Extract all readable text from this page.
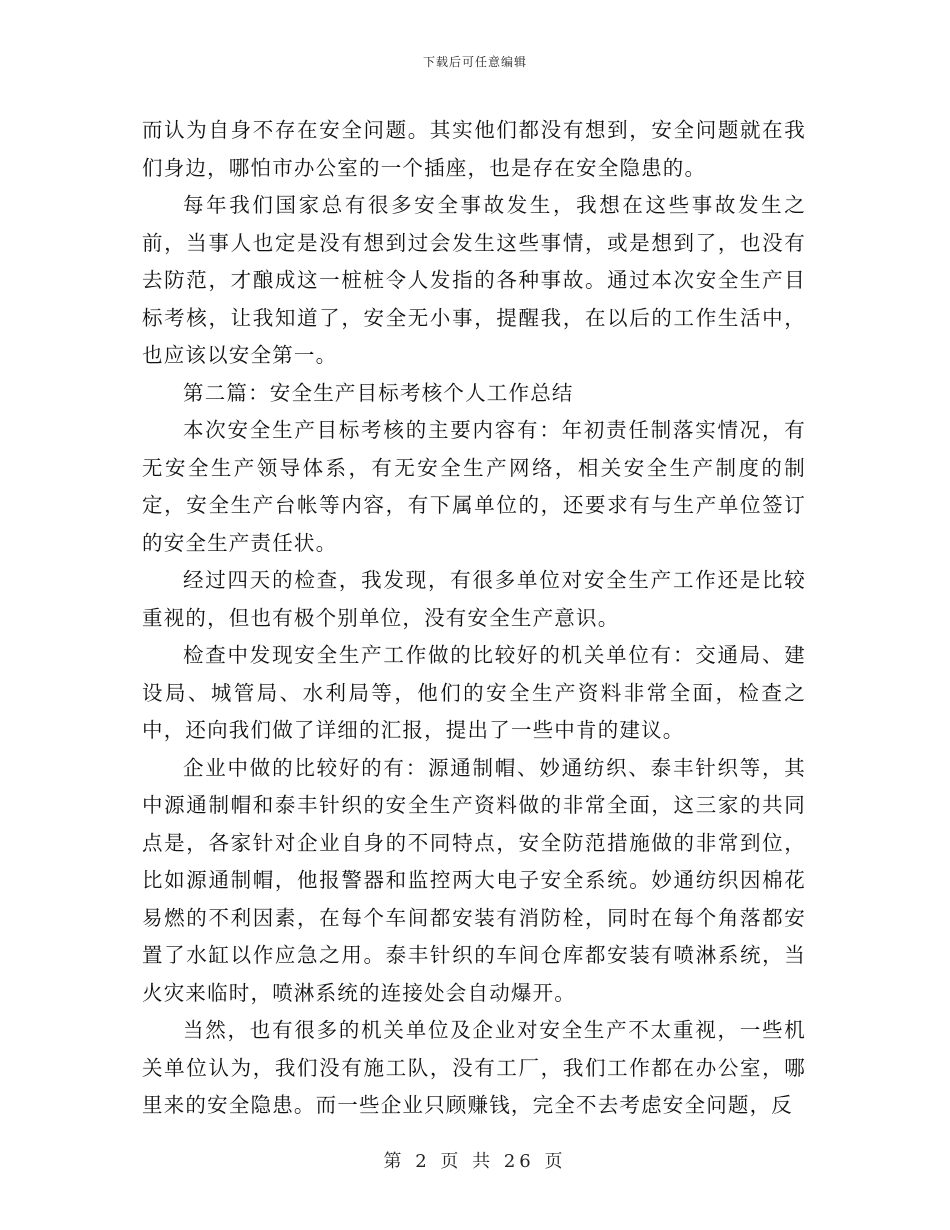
下载后可任意编辑

而认为自身不存在安全问题。其实他们都没有想到，安全问题就在我们身边，哪怕市办公室的一个插座，也是存在安全隐患的。

每年我们国家总有很多安全事故发生，我想在这些事故发生之前，当事人也定是没有想到过会发生这些事情，或是想到了，也没有去防范，才酿成这一桩桩令人发指的各种事故。通过本次安全生产目标考核，让我知道了，安全无小事，提醒我，在以后的工作生活中，也应该以安全第一。

第二篇：安全生产目标考核个人工作总结

本次安全生产目标考核的主要内容有：年初责任制落实情况，有无安全生产领导体系，有无安全生产网络，相关安全生产制度的制定，安全生产台帐等内容，有下属单位的，还要求有与生产单位签订的安全生产责任状。

经过四天的检查，我发现，有很多单位对安全生产工作还是比较重视的，但也有极个别单位，没有安全生产意识。

检查中发现安全生产工作做的比较好的机关单位有：交通局、建设局、城管局、水利局等，他们的安全生产资料非常全面，检查之中，还向我们做了详细的汇报，提出了一些中肯的建议。

企业中做的比较好的有：源通制帽、妙通纺织、泰丰针织等，其中源通制帽和泰丰针织的安全生产资料做的非常全面，这三家的共同点是，各家针对企业自身的不同特点，安全防范措施做的非常到位，比如源通制帽，他报警器和监控两大电子安全系统。妙通纺织因棉花易燃的不利因素，在每个车间都安装有消防栓，同时在每个角落都安置了水缸以作应急之用。泰丰针织的车间仓库都安装有喷淋系统，当火灾来临时，喷淋系统的连接处会自动爆开。

当然，也有很多的机关单位及企业对安全生产不太重视，一些机关单位认为，我们没有施工队，没有工厂，我们工作都在办公室，哪里来的安全隐患。而一些企业只顾赚钱，完全不去考虑安全问题，反

第 2 页 共 26 页
